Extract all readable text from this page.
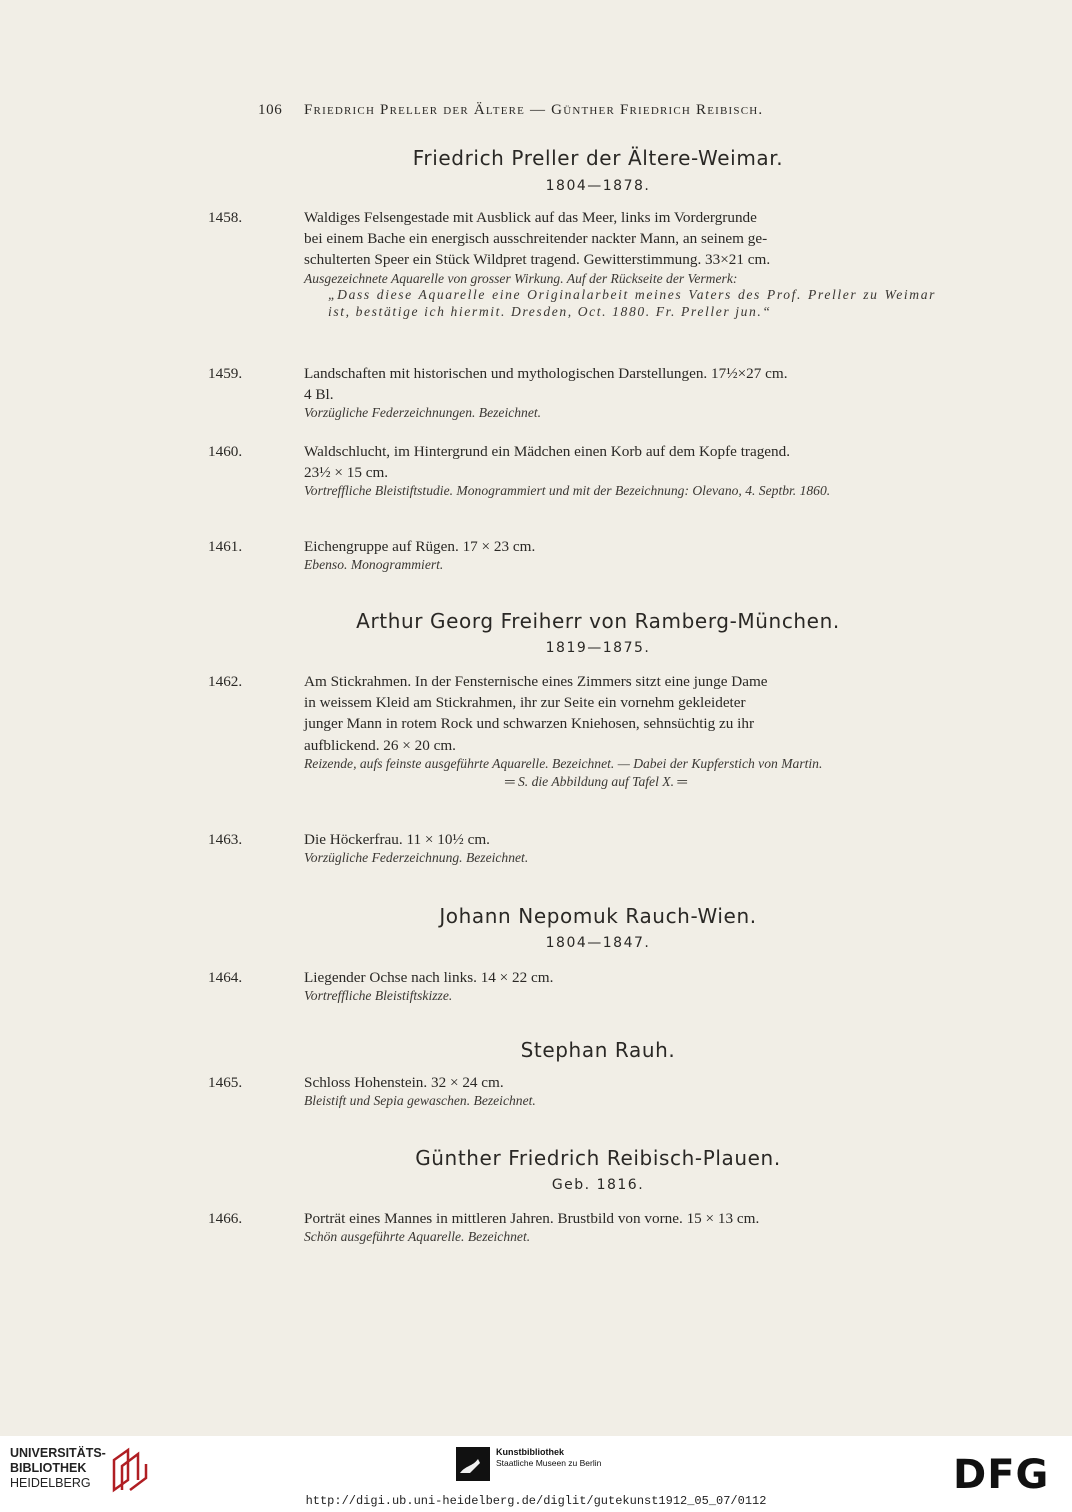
106 Friedrich Preller der Ältere — Günther Friedrich Reibisch.
Friedrich Preller der Ältere-Weimar.
1804—1878.
1458.	Waldiges Felsengestade mit Ausblick auf das Meer, links im Vordergrunde
bei einem Bache ein energisch ausschreitender nackter Mann, an seinem ge-
schulterten Speer ein Stück Wildpret tragend. Gewitterstimmung. 33×21 cm.
Ausgezeichnete Aquarelle von grosser Wirkung. Auf der Rückseite der Vermerk:
„Dass diese Aquarelle eine Originalarbeit meines Vaters des Prof. Preller zu Weimar ist, bestätige ich hiermit. Dresden, Oct. 1880. Fr. Preller jun.“
1459.	Landschaften mit historischen und mythologischen Darstellungen. 17½×27 cm.
4 Bl.
Vorzügliche Federzeichnungen. Bezeichnet.
1460.	Waldschlucht, im Hintergrund ein Mädchen einen Korb auf dem Kopfe tragend.
23½ × 15 cm.
Vortreffliche Bleistiftstudie. Monogrammiert und mit der Bezeichnung: Olevano, 4. Septbr. 1860.
1461.	Eichengruppe auf Rügen. 17 × 23 cm.
Ebenso. Monogrammiert.
Arthur Georg Freiherr von Ramberg-München.
1819—1875.
1462.	Am Stickrahmen. In der Fensternische eines Zimmers sitzt eine junge Dame
in weissem Kleid am Stickrahmen, ihr zur Seite ein vornehm gekleideter
junger Mann in rotem Rock und schwarzen Kniehosen, sehnsüchtig zu ihr
aufblickend. 26 × 20 cm.
Reizende, aufs feinste ausgeführte Aquarelle. Bezeichnet. — Dabei der Kupferstich von Martin.
═ S. die Abbildung auf Tafel X. ═
1463.	Die Höckerfrau. 11 × 10½ cm.
Vorzügliche Federzeichnung. Bezeichnet.
Johann Nepomuk Rauch-Wien.
1804—1847.
1464.	Liegender Ochse nach links. 14 × 22 cm.
Vortreffliche Bleistiftskizze.
Stephan Rauh.
1465.	Schloss Hohenstein. 32 × 24 cm.
Bleistift und Sepia gewaschen. Bezeichnet.
Günther Friedrich Reibisch-Plauen.
Geb. 1816.
1466.	Porträt eines Mannes in mittleren Jahren. Brustbild von vorne. 15 × 13 cm.
Schön ausgeführte Aquarelle. Bezeichnet.
UNIVERSITÄTS-
BIBLIOTHEK
HEIDELBERG
Kunstbibliothek
Staatliche Museen zu Berlin	DFG
http://digi.ub.uni-heidelberg.de/diglit/gutekunst1912_05_07/0112
